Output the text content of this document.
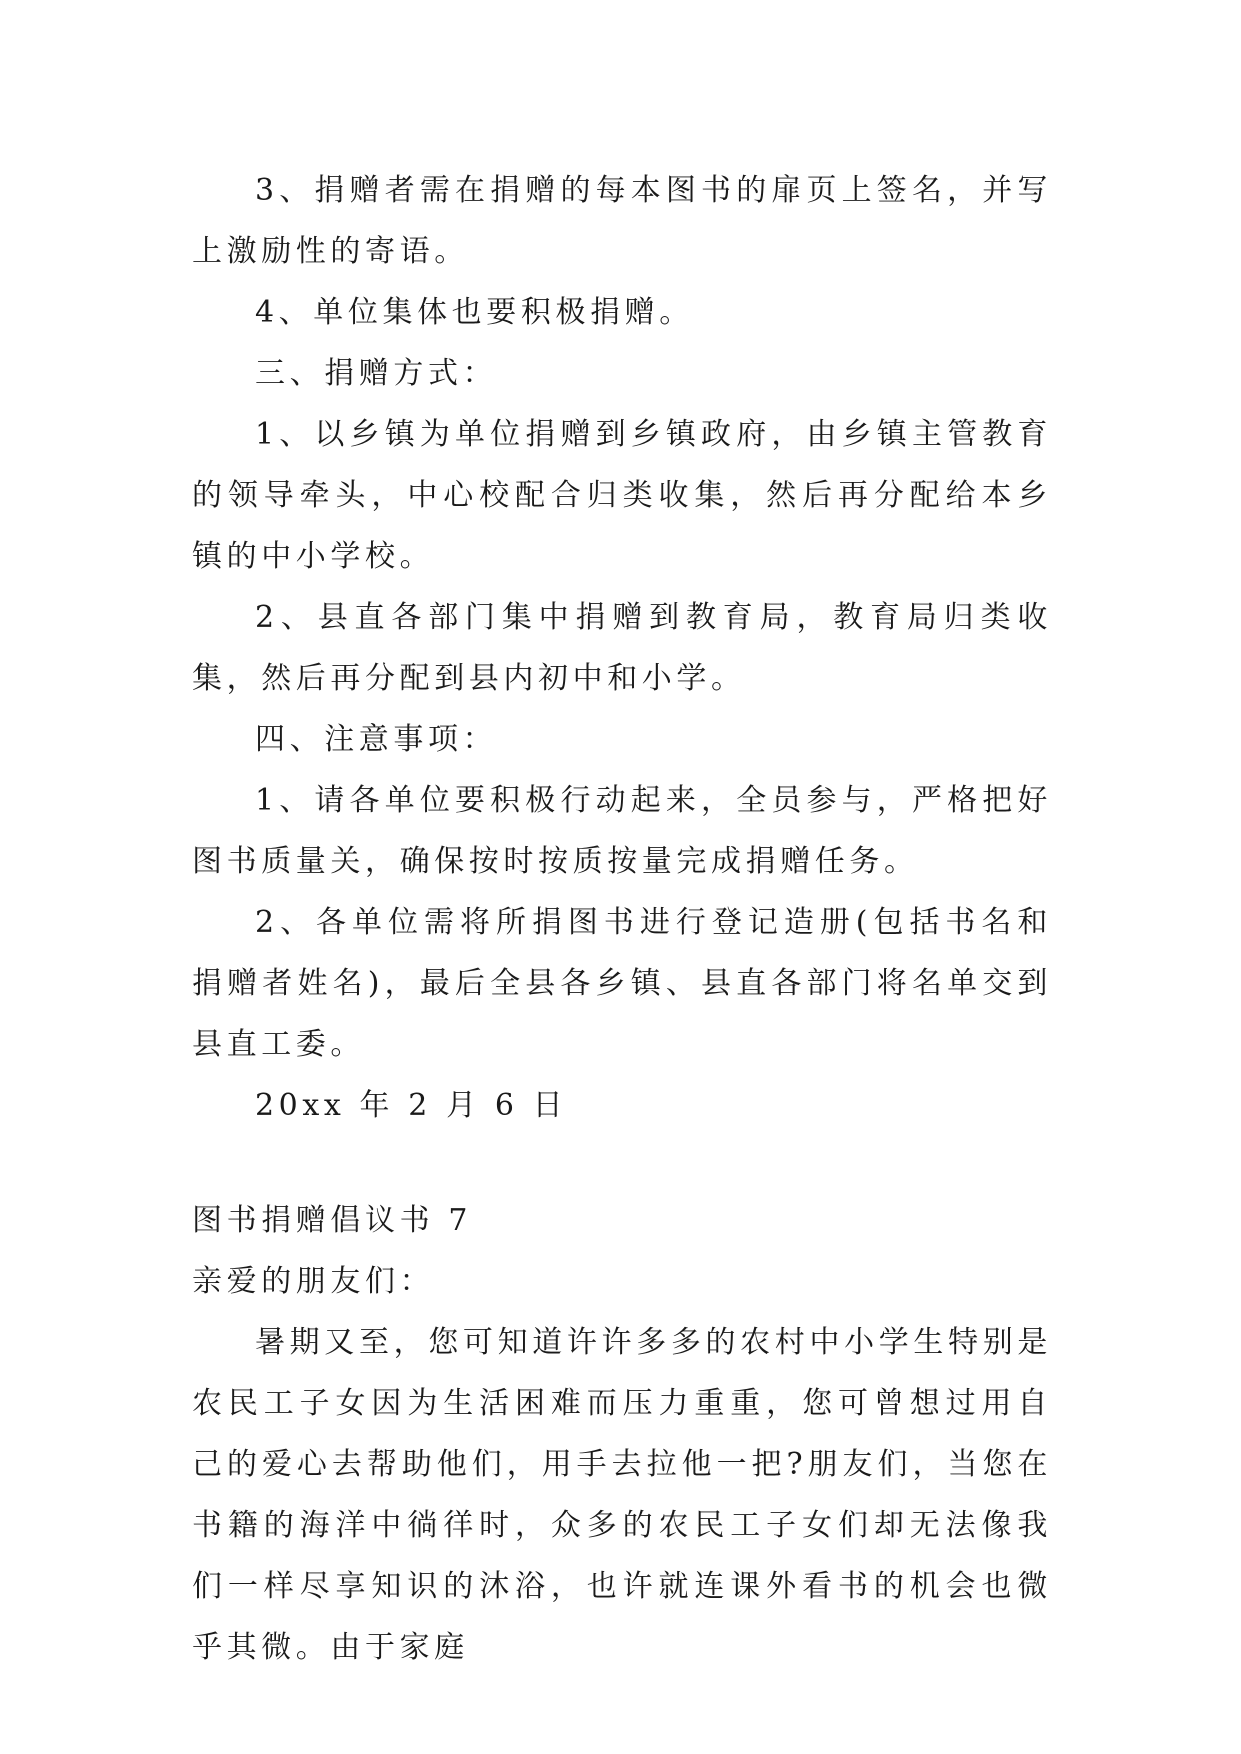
3、捐赠者需在捐赠的每本图书的扉页上签名，并写上激励性的寄语。

4、单位集体也要积极捐赠。

三、捐赠方式：

1、以乡镇为单位捐赠到乡镇政府，由乡镇主管教育的领导牵头，中心校配合归类收集，然后再分配给本乡镇的中小学校。

2、县直各部门集中捐赠到教育局，教育局归类收集，然后再分配到县内初中和小学。

四、注意事项：

1、请各单位要积极行动起来，全员参与，严格把好图书质量关，确保按时按质按量完成捐赠任务。

2、各单位需将所捐图书进行登记造册(包括书名和捐赠者姓名)，最后全县各乡镇、县直各部门将名单交到县直工委。

20xx 年 2 月 6 日

图书捐赠倡议书 7

亲爱的朋友们：

暑期又至，您可知道许许多多的农村中小学生特别是农民工子女因为生活困难而压力重重，您可曾想过用自己的爱心去帮助他们，用手去拉他一把?朋友们，当您在书籍的海洋中徜徉时，众多的农民工子女们却无法像我们一样尽享知识的沐浴，也许就连课外看书的机会也微乎其微。由于家庭
